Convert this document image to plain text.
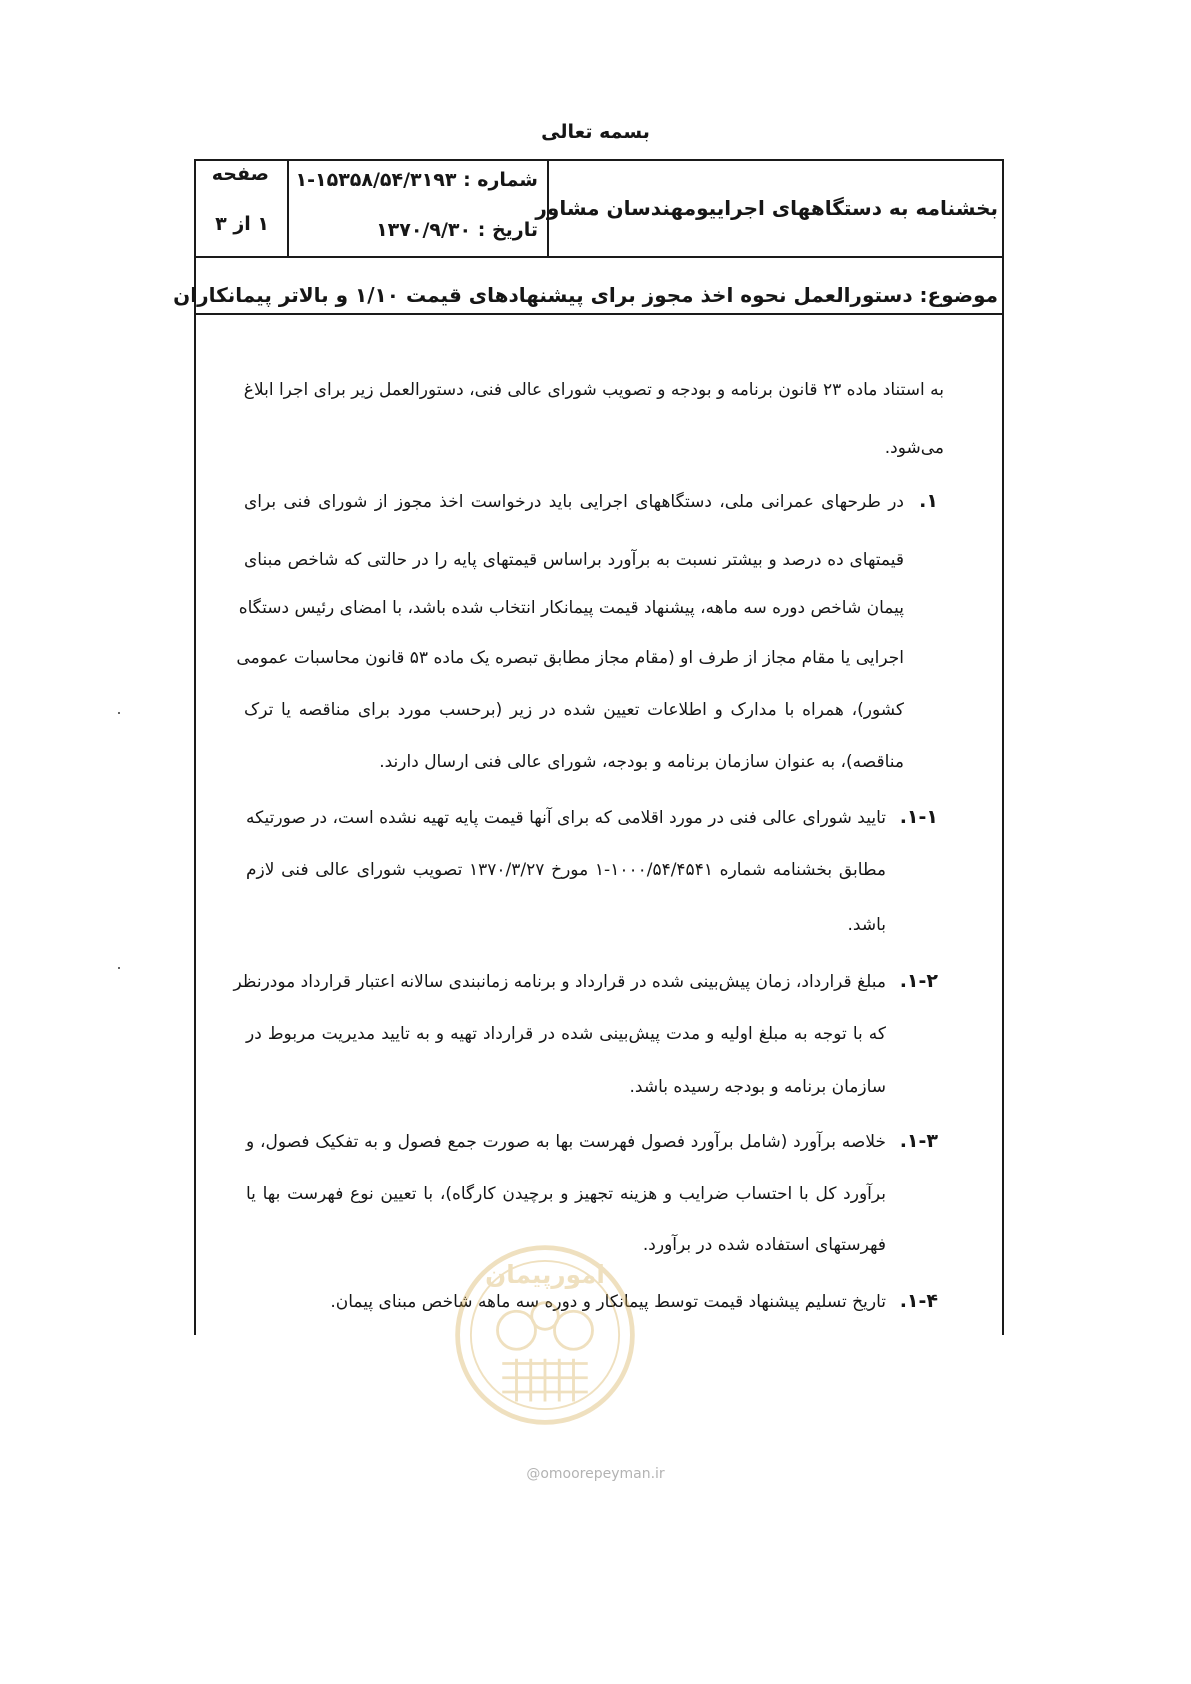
بسمه تعالی
صفحه
۱ از ۳
شماره : ۱۵۳۵۸/۵۴/۳۱۹۳-۱
تاریخ : ۱۳۷۰/۹/۳۰
بخشنامه به دستگاههای اجراییومهندسان مشاور
موضوع: دستورالعمل نحوه اخذ مجوز برای پیشنهادهای قیمت ۱/۱۰ و بالاتر پیمانکاران
به استناد ماده ۲۳ قانون برنامه و بودجه و تصویب شورای عالی فنی، دستورالعمل زیر برای اجرا ابلاغ
می‌شود.
۱.
در طرحهای عمرانی ملی، دستگاههای اجرایی باید درخواست اخذ مجوز از شورای فنی برای
قیمتهای ده درصد و بیشتر نسبت به برآورد براساس قیمتهای پایه را در حالتی که شاخص مبنای
پیمان شاخص دوره سه ماهه، پیشنهاد قیمت پیمانکار انتخاب شده باشد، با امضای رئیس دستگاه
اجرایی یا مقام مجاز از طرف او (مقام مجاز مطابق تبصره یک ماده ۵۳ قانون محاسبات عمومی
کشور)، همراه با مدارک و اطلاعات تعیین شده در زیر (برحسب مورد برای مناقصه یا ترک
مناقصه)، به عنوان سازمان برنامه و بودجه، شورای عالی فنی ارسال دارند.
۱-۱.
تایید شورای عالی فنی در مورد اقلامی که برای آنها قیمت پایه تهیه نشده است، در صورتیکه
مطابق بخشنامه شماره ۱۰۰۰/۵۴/۴۵۴۱-۱ مورخ ۱۳۷۰/۳/۲۷ تصویب شورای عالی فنی لازم
باشد.
۱-۲.
مبلغ قرارداد، زمان پیش‌بینی شده در قرارداد و برنامه زمانبندی سالانه اعتبار قرارداد مودرنظر
که با توجه به مبلغ اولیه و مدت پیش‌بینی شده در قرارداد تهیه و به تایید مدیریت مربوط در
سازمان برنامه و بودجه رسیده باشد.
۱-۳.
خلاصه برآورد (شامل برآورد فصول فهرست بها به صورت جمع فصول و به تفکیک فصول، و
برآورد کل با احتساب ضرایب و هزینه تجهیز و برچیدن کارگاه)، با تعیین نوع فهرست بها یا
فهرستهای استفاده شده در برآورد.
۱-۴.
تاریخ تسلیم پیشنهاد قیمت توسط پیمانکار و دوره سه ماهه شاخص مبنای پیمان.
امورپیمان
@omoorepeyman.ir
